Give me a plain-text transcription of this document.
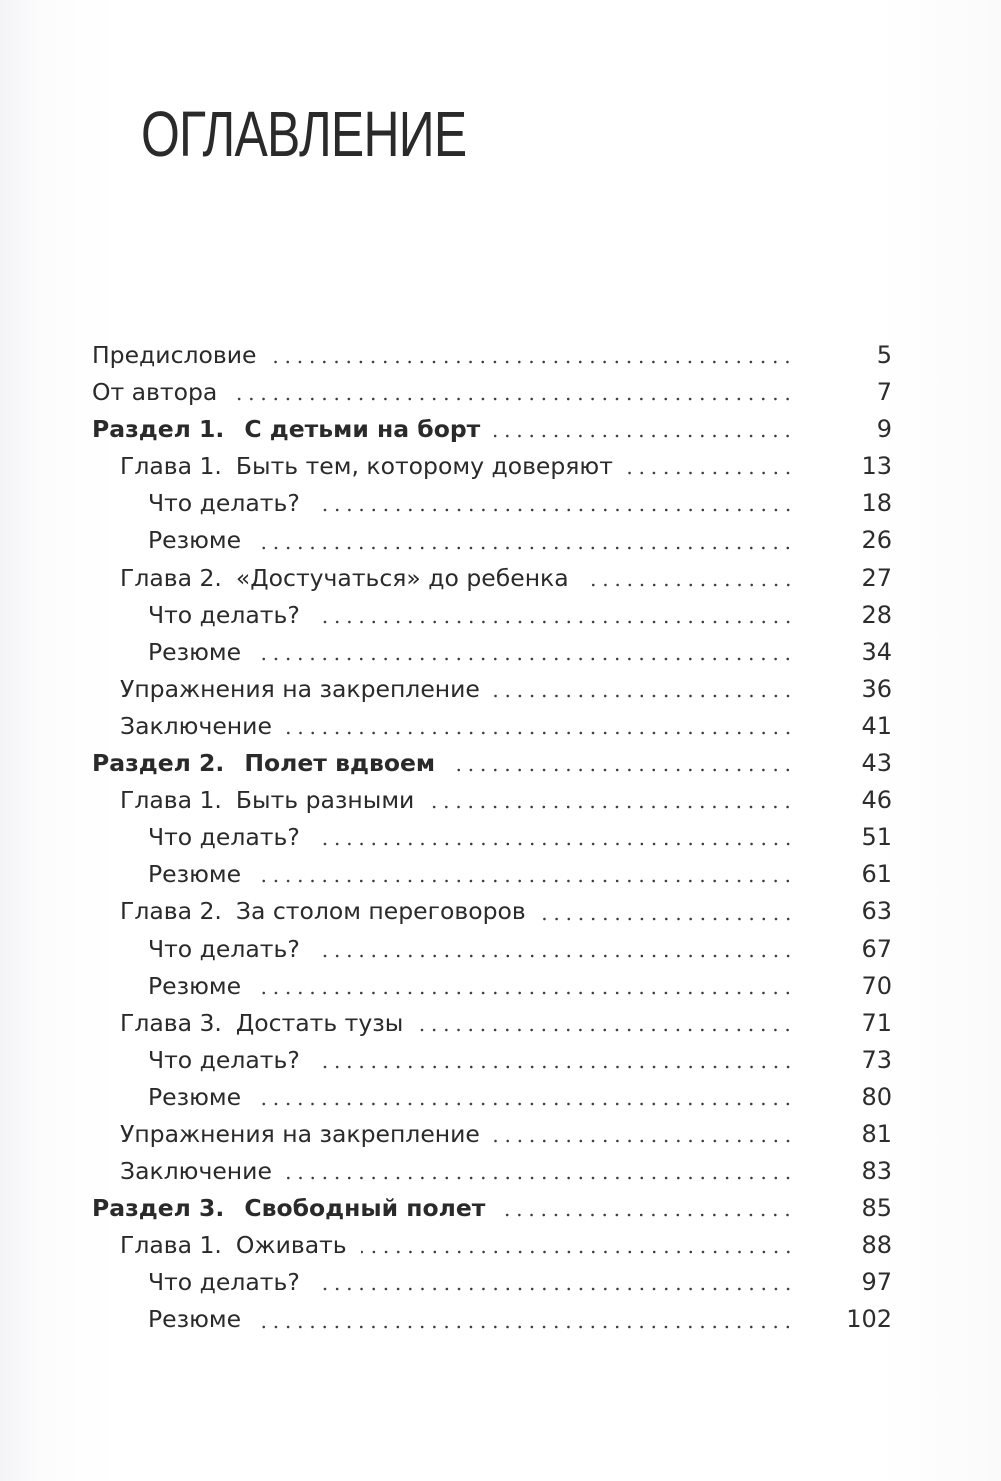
ОГЛАВЛЕНИЕ
Предисловие	5
От автора	7
Раздел 1. С детьми на борт	9
Глава 1. Быть тем, которому доверяют	13
Что делать?	18
Резюме	26
Глава 2. «Достучаться» до ребенка	27
Что делать?	28
Резюме	34
Упражнения на закрепление	36
Заключение	41
Раздел 2. Полет вдвоем	43
Глава 1. Быть разными	46
Что делать?	51
Резюме	61
Глава 2. За столом переговоров	63
Что делать?	67
Резюме	70
Глава 3. Достать тузы	71
Что делать?	73
Резюме	80
Упражнения на закрепление	81
Заключение	83
Раздел 3. Свободный полет	85
Глава 1. Оживать	88
Что делать?	97
Резюме	102
